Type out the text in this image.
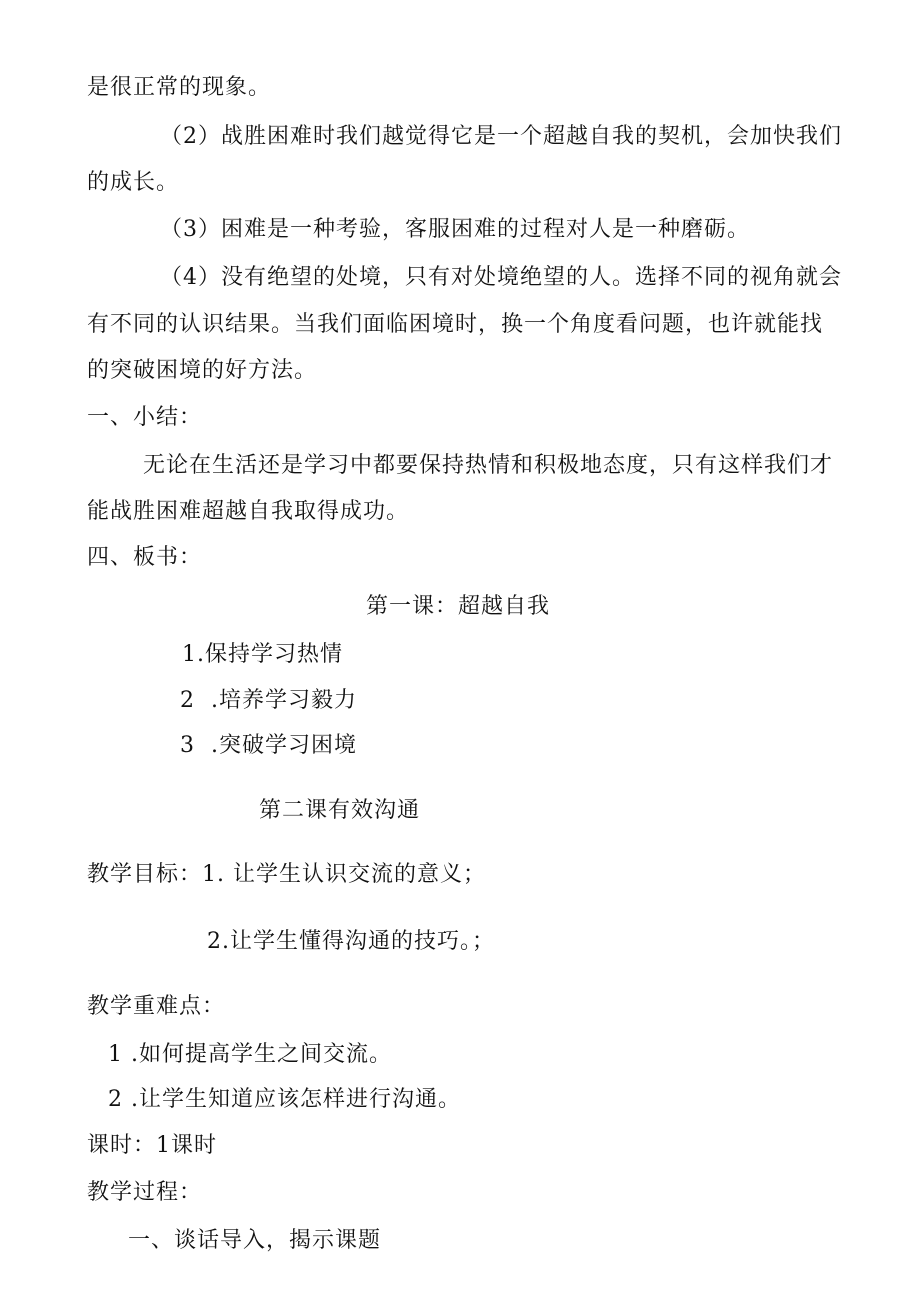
是很正常的现象。
（2）战胜困难时我们越觉得它是一个超越自我的契机，会加快我们
的成长。
（3）困难是一种考验，客服困难的过程对人是一种磨砺。
（4）没有绝望的处境，只有对处境绝望的人。选择不同的视角就会
有不同的认识结果。当我们面临困境时，换一个角度看问题，也许就能找
的突破困境的好方法。
一、小结：
无论在生活还是学习中都要保持热情和积极地态度，只有这样我们才
能战胜困难超越自我取得成功。
四、板书：
第一课：超越自我
1.保持学习热情
2  .培养学习毅力
3  .突破学习困境
第二课有效沟通
教学目标：1. 让学生认识交流的意义；
2.让学生懂得沟通的技巧。；
教学重难点：
1 .如何提高学生之间交流。
2 .让学生知道应该怎样进行沟通。
课时：1课时
教学过程：
一、谈话导入，揭示课题
